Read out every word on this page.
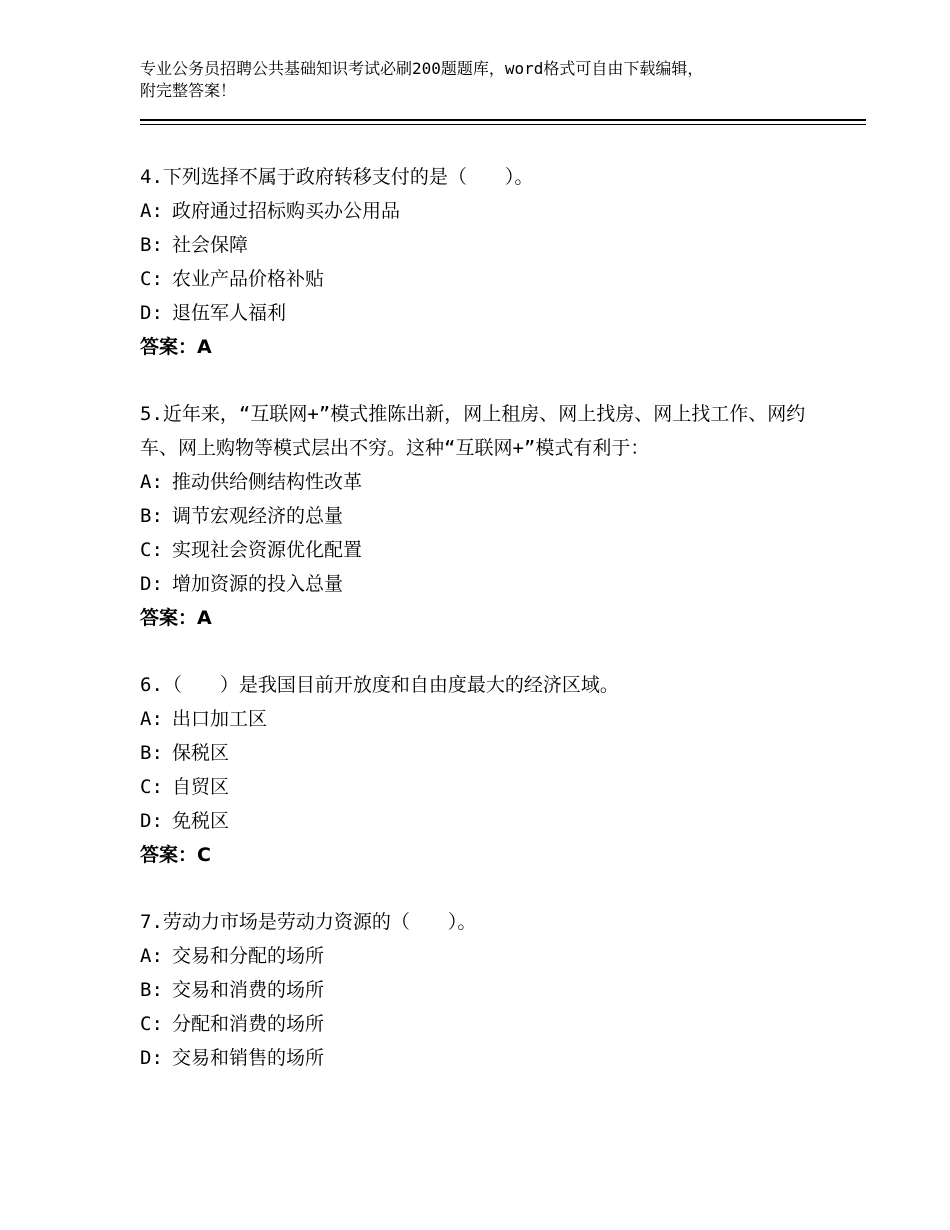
专业公务员招聘公共基础知识考试必刷200题题库，word格式可自由下载编辑，
附完整答案！
4.下列选择不属于政府转移支付的是（　　）。
A: 政府通过招标购买办公用品
B: 社会保障
C: 农业产品价格补贴
D: 退伍军人福利
答案：A
5.近年来，“互联网+”模式推陈出新，网上租房、网上找房、网上找工作、网约车、网上购物等模式层出不穷。这种“互联网+”模式有利于：
A: 推动供给侧结构性改革
B: 调节宏观经济的总量
C: 实现社会资源优化配置
D: 增加资源的投入总量
答案：A
6.（　　）是我国目前开放度和自由度最大的经济区域。
A: 出口加工区
B: 保税区
C: 自贸区
D: 免税区
答案：C
7.劳动力市场是劳动力资源的（　　）。
A: 交易和分配的场所
B: 交易和消费的场所
C: 分配和消费的场所
D: 交易和销售的场所
